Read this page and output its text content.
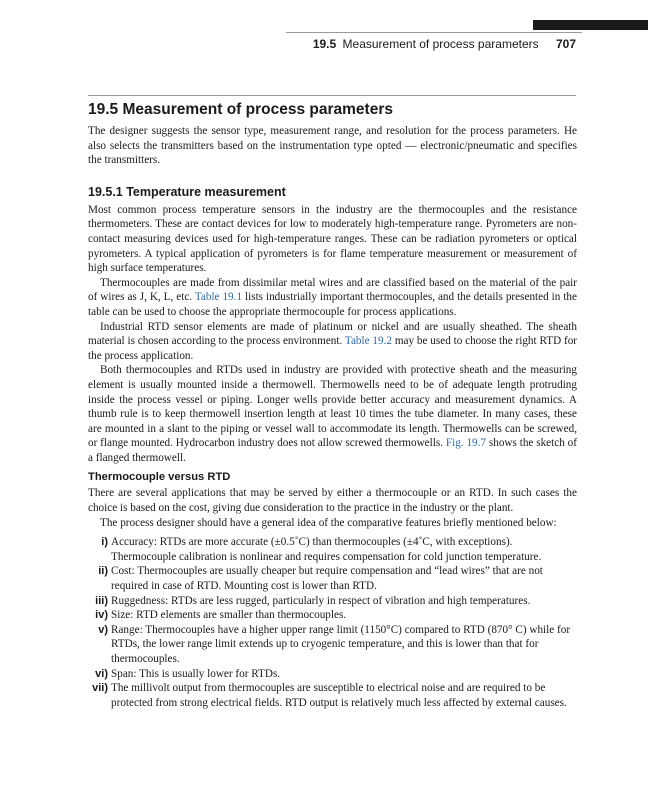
19.5 Measurement of process parameters 707
19.5 Measurement of process parameters

The designer suggests the sensor type, measurement range, and resolution for the process parameters. He also selects the transmitters based on the instrumentation type opted — electronic/pneumatic and specifies the transmitters.

19.5.1 Temperature measurement

Most common process temperature sensors in the industry are the thermocouples and the resistance thermometers. These are contact devices for low to moderately high-temperature range. Pyrometers are non-contact measuring devices used for high-temperature ranges. These can be radiation pyrometers or optical pyrometers. A typical application of pyrometers is for flame temperature measurement or measurement of high surface temperatures.

Thermocouples are made from dissimilar metal wires and are classified based on the material of the pair of wires as J, K, L, etc. Table 19.1 lists industrially important thermocouples, and the details presented in the table can be used to choose the appropriate thermocouple for process applications.

Industrial RTD sensor elements are made of platinum or nickel and are usually sheathed. The sheath material is chosen according to the process environment. Table 19.2 may be used to choose the right RTD for the process application.

Both thermocouples and RTDs used in industry are provided with protective sheath and the measuring element is usually mounted inside a thermowell. Thermowells need to be of adequate length protruding inside the process vessel or piping. Longer wells provide better accuracy and measurement dynamics. A thumb rule is to keep thermowell insertion length at least 10 times the tube diameter. In many cases, these are mounted in a slant to the piping or vessel wall to accommodate its length. Thermowells can be screwed, or flange mounted. Hydrocarbon industry does not allow screwed thermowells. Fig. 19.7 shows the sketch of a flanged thermowell.

Thermocouple versus RTD

There are several applications that may be served by either a thermocouple or an RTD. In such cases the choice is based on the cost, giving due consideration to the practice in the industry or the plant.

The process designer should have a general idea of the comparative features briefly mentioned below:

i) Accuracy: RTDs are more accurate (±0.5˚C) than thermocouples (±4˚C, with exceptions). Thermocouple calibration is nonlinear and requires compensation for cold junction temperature.
ii) Cost: Thermocouples are usually cheaper but require compensation and “lead wires” that are not required in case of RTD. Mounting cost is lower than RTD.
iii) Ruggedness: RTDs are less rugged, particularly in respect of vibration and high temperatures.
iv) Size: RTD elements are smaller than thermocouples.
v) Range: Thermocouples have a higher upper range limit (1150°C) compared to RTD (870° C) while for RTDs, the lower range limit extends up to cryogenic temperature, and this is lower than that for thermocouples.
vi) Span: This is usually lower for RTDs.
vii) The millivolt output from thermocouples are susceptible to electrical noise and are required to be protected from strong electrical fields. RTD output is relatively much less affected by external causes.
